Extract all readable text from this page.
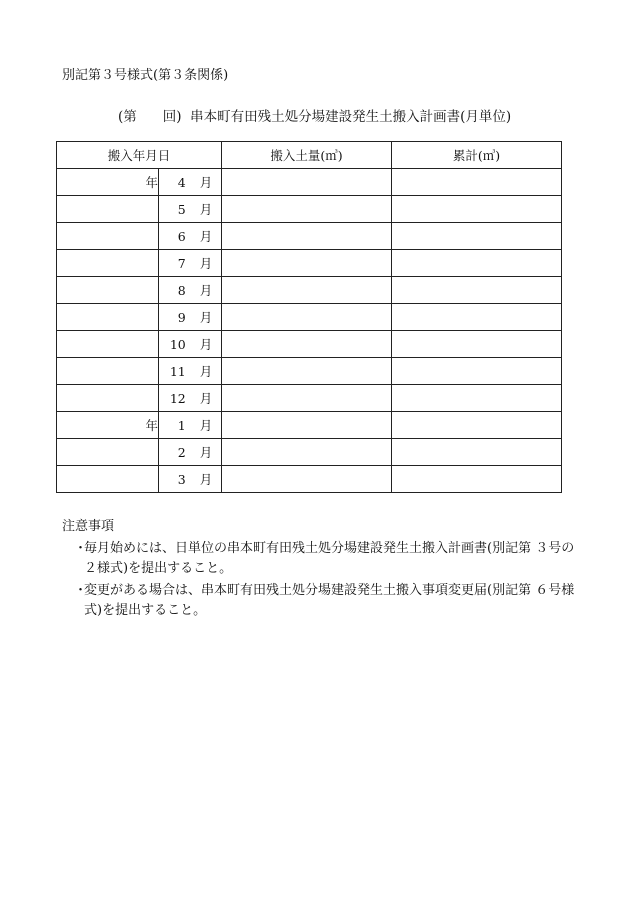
別記第３号様式(第３条関係)
(第 回) 串本町有田残土処分場建設発生土搬入計画書(月単位)
搬入年月日		搬入土量(㎥)	累計(㎥)
年	4 月		
	5 月		
	6 月		
	7 月		
	8 月		
	9 月		
	10 月		
	11 月		
	12 月		
年	1 月		
	2 月		
	3 月		
注意事項
・
毎月始めには、日単位の串本町有田残土処分場建設発生土搬入計画書(別記第 ３号の２様式)を提出すること。
・
変更がある場合は、串本町有田残土処分場建設発生土搬入事項変更届(別記第 ６号様式)を提出すること。
